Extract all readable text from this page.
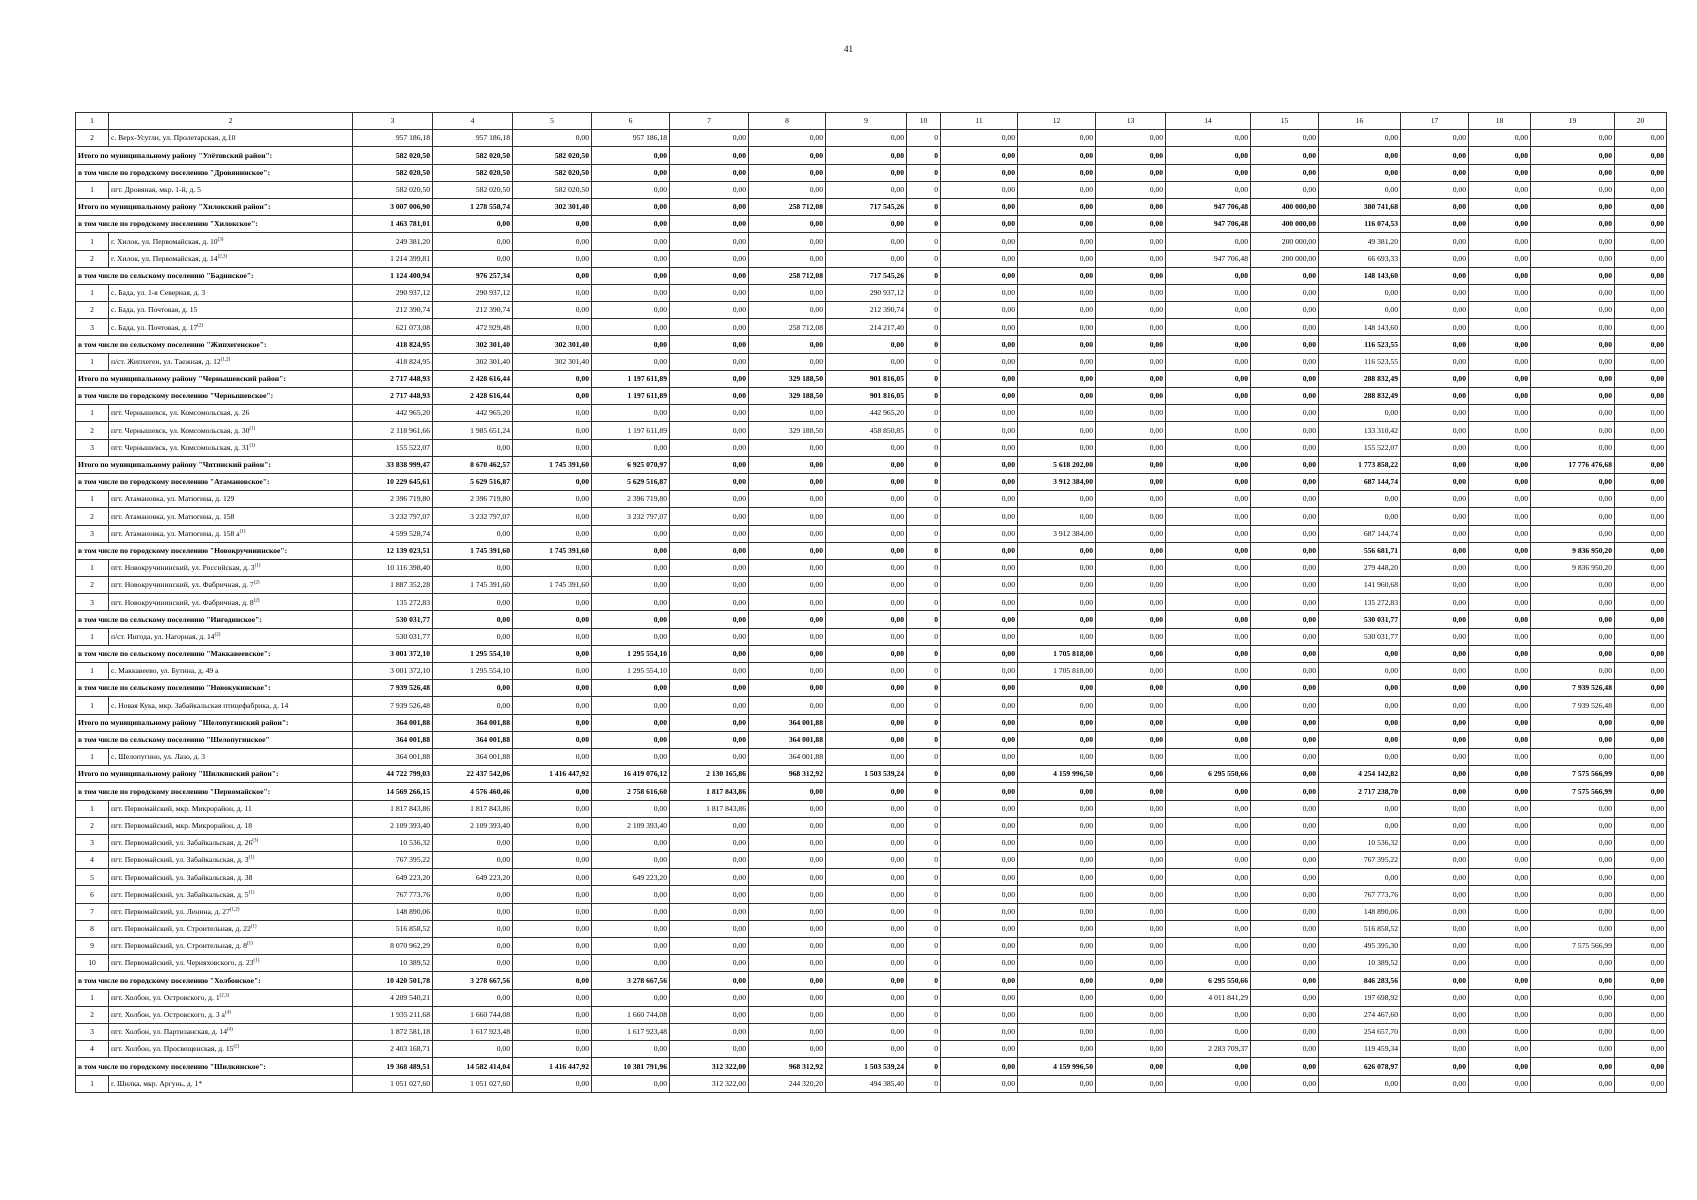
41
1	2	3	4	5	6	7	8	9	10	11	12	13	14	15	16	17	18	19	20
2	с. Верх-Усугли, ул. Пролетарская, д.10	957 186,18	957 186,18	0,00	957 186,18	0,00	0,00	0,00	0	0,00	0,00	0,00	0,00	0,00	0,00	0,00	0,00	0,00	0,00
Итого по муниципальному району "Улётовский район":		582 020,50	582 020,50	582 020,50	0,00	0,00	0,00	0,00	0	0,00	0,00	0,00	0,00	0,00	0,00	0,00	0,00	0,00	0,00
в том числе по городскому поселению "Дровянинское":		582 020,50	582 020,50	582 020,50	0,00	0,00	0,00	0,00	0	0,00	0,00	0,00	0,00	0,00	0,00	0,00	0,00	0,00	0,00
1	пгт. Дровяная, мкр. 1-й, д. 5	582 020,50	582 020,50	582 020,50	0,00	0,00	0,00	0,00	0	0,00	0,00	0,00	0,00	0,00	0,00	0,00	0,00	0,00	0,00
Итого по муниципальному району "Хилокский район":		3 007 006,90	1 278 558,74	302 301,40	0,00	0,00	258 712,08	717 545,26	0	0,00	0,00	0,00	947 706,48	400 000,00	380 741,68	0,00	0,00	0,00	0,00
в том числе по городскому поселению "Хилокское":		1 463 781,01	0,00	0,00	0,00	0,00	0,00	0,00	0	0,00	0,00	0,00	947 706,48	400 000,00	116 074,53	0,00	0,00	0,00	0,00
1	г. Хилок, ул. Первомайская, д. 10$^{(3)}$	249 381,20	0,00	0,00	0,00	0,00	0,00	0,00	0	0,00	0,00	0,00	0,00	200 000,00	49 381,20	0,00	0,00	0,00	0,00
2	г. Хилок, ул. Первомайская, д. 14$^{(2,3)}$	1 214 399,81	0,00	0,00	0,00	0,00	0,00	0,00	0	0,00	0,00	0,00	947 706,48	200 000,00	66 693,33	0,00	0,00	0,00	0,00
в том числе по сельскому поселению "Бадинское":		1 124 400,94	976 257,34	0,00	0,00	0,00	258 712,08	717 545,26	0	0,00	0,00	0,00	0,00	0,00	148 143,60	0,00	0,00	0,00	0,00
1	с. Бада, ул. 1-я Северная, д. 3	290 937,12	290 937,12	0,00	0,00	0,00	0,00	290 937,12	0	0,00	0,00	0,00	0,00	0,00	0,00	0,00	0,00	0,00	0,00
2	с. Бада, ул. Почтовая, д. 15	212 390,74	212 390,74	0,00	0,00	0,00	0,00	212 390,74	0	0,00	0,00	0,00	0,00	0,00	0,00	0,00	0,00	0,00	0,00
3	с. Бада, ул. Почтовая, д. 17$^{(2)}$	621 073,08	472 929,48	0,00	0,00	0,00	258 712,08	214 217,40	0	0,00	0,00	0,00	0,00	0,00	148 143,60	0,00	0,00	0,00	0,00
в том числе по сельскому поселению "Жипхегенское":		418 824,95	302 301,40	302 301,40	0,00	0,00	0,00	0,00	0	0,00	0,00	0,00	0,00	0,00	116 523,55	0,00	0,00	0,00	0,00
1	п/ст. Жипхеген, ул. Таежная, д. 12$^{(1,2)}$	418 824,95	302 301,40	302 301,40	0,00	0,00	0,00	0,00	0	0,00	0,00	0,00	0,00	0,00	116 523,55	0,00	0,00	0,00	0,00
Итого по муниципальному району "Чернышевский район":		2 717 448,93	2 428 616,44	0,00	1 197 611,89	0,00	329 188,50	901 816,05	0	0,00	0,00	0,00	0,00	0,00	288 832,49	0,00	0,00	0,00	0,00
в том числе по городскому поселению "Чернышевское":		2 717 448,93	2 428 616,44	0,00	1 197 611,89	0,00	329 188,50	901 816,05	0	0,00	0,00	0,00	0,00	0,00	288 832,49	0,00	0,00	0,00	0,00
1	пгт. Чернышевск, ул. Комсомольская, д. 26	442 965,20	442 965,20	0,00	0,00	0,00	0,00	442 965,20	0	0,00	0,00	0,00	0,00	0,00	0,00	0,00	0,00	0,00	0,00
2	пгт. Чернышевск, ул. Комсомольская, д. 30$^{(1)}$	2 118 961,66	1 985 651,24	0,00	1 197 611,89	0,00	329 188,50	458 850,85	0	0,00	0,00	0,00	0,00	0,00	133 310,42	0,00	0,00	0,00	0,00
3	пгт. Чернышевск, ул. Комсомольская, д. 31$^{(1)}$	155 522,07	0,00	0,00	0,00	0,00	0,00	0,00	0	0,00	0,00	0,00	0,00	0,00	155 522,07	0,00	0,00	0,00	0,00
Итого по муниципальному району "Читинский район":		33 838 999,47	8 670 462,57	1 745 391,60	6 925 070,97	0,00	0,00	0,00	0	0,00	5 618 202,00	0,00	0,00	0,00	1 773 858,22	0,00	0,00	17 776 476,68	0,00
в том числе по городскому поселению "Атамановское":		10 229 645,61	5 629 516,87	0,00	5 629 516,87	0,00	0,00	0,00	0	0,00	3 912 384,00	0,00	0,00	0,00	687 144,74	0,00	0,00	0,00	0,00
1	пгт. Атамановка, ул. Матюгина, д. 129	2 396 719,80	2 396 719,80	0,00	2 396 719,80	0,00	0,00	0,00	0	0,00	0,00	0,00	0,00	0,00	0,00	0,00	0,00	0,00	0,00
2	пгт. Атамановка, ул. Матюгина, д. 158	3 232 797,07	3 232 797,07	0,00	3 232 797,07	0,00	0,00	0,00	0	0,00	0,00	0,00	0,00	0,00	0,00	0,00	0,00	0,00	0,00
3	пгт. Атамановка, ул. Матюгина, д. 158 $а^{(1)}$	4 599 528,74	0,00	0,00	0,00	0,00	0,00	0,00	0	0,00	3 912 384,00	0,00	0,00	0,00	687 144,74	0,00	0,00	0,00	0,00
в том числе по городскому поселению "Новокручининское":		12 139 023,51	1 745 391,60	1 745 391,60	0,00	0,00	0,00	0,00	0	0,00	0,00	0,00	0,00	0,00	556 681,71	0,00	0,00	9 836 950,20	0,00
1	пгт. Новокручининский, ул. Российская, д. 3$^{(1)}$	10 116 398,40	0,00	0,00	0,00	0,00	0,00	0,00	0	0,00	0,00	0,00	0,00	0,00	279 448,20	0,00	0,00	9 836 950,20	0,00
2	пгт. Новокручининский, ул. Фабричная, д. 7$^{(2)}$	1 887 352,28	1 745 391,60	1 745 391,60	0,00	0,00	0,00	0,00	0	0,00	0,00	0,00	0,00	0,00	141 960,68	0,00	0,00	0,00	0,00
3	пгт. Новокручининский, ул. Фабричная, д. 8$^{(2)}$	135 272,83	0,00	0,00	0,00	0,00	0,00	0,00	0	0,00	0,00	0,00	0,00	0,00	135 272,83	0,00	0,00	0,00	0,00
в том числе по сельскому поселению "Ингодинское":		530 031,77	0,00	0,00	0,00	0,00	0,00	0,00	0	0,00	0,00	0,00	0,00	0,00	530 031,77	0,00	0,00	0,00	0,00
1	п/ст. Ингода, ул. Нагорная, д. 14$^{(2)}$	530 031,77	0,00	0,00	0,00	0,00	0,00	0,00	0	0,00	0,00	0,00	0,00	0,00	530 031,77	0,00	0,00	0,00	0,00
в том числе по сельскому поселению "Маккавеевское":		3 001 372,10	1 295 554,10	0,00	1 295 554,10	0,00	0,00	0,00	0	0,00	1 705 818,00	0,00	0,00	0,00	0,00	0,00	0,00	0,00	0,00
1	с. Маккавеево, ул. Бутина, д. 49 а	3 001 372,10	1 295 554,10	0,00	1 295 554,10	0,00	0,00	0,00	0	0,00	1 705 818,00	0,00	0,00	0,00	0,00	0,00	0,00	0,00	0,00
в том числе по сельскому поселению "Новокукинское":		7 939 526,48	0,00	0,00	0,00	0,00	0,00	0,00	0	0,00	0,00	0,00	0,00	0,00	0,00	0,00	0,00	7 939 526,48	0,00
1	с. Новая Кука, мкр. Забайкальская птицефабрика, д. 14	7 939 526,48	0,00	0,00	0,00	0,00	0,00	0,00	0	0,00	0,00	0,00	0,00	0,00	0,00	0,00	0,00	7 939 526,48	0,00
Итого по муниципальному району "Шелопугинский район":		364 001,88	364 001,88	0,00	0,00	0,00	364 001,88	0,00	0	0,00	0,00	0,00	0,00	0,00	0,00	0,00	0,00	0,00	0,00
в том числе по сельскому поселению "Шелопугинское"		364 001,88	364 001,88	0,00	0,00	0,00	364 001,88	0,00	0	0,00	0,00	0,00	0,00	0,00	0,00	0,00	0,00	0,00	0,00
1	с. Шелопугино, ул. Лазо, д. 3	364 001,88	364 001,88	0,00	0,00	0,00	364 001,88	0,00	0	0,00	0,00	0,00	0,00	0,00	0,00	0,00	0,00	0,00	0,00
Итого по муниципальному району "Шилкинский район":		44 722 799,03	22 437 542,06	1 416 447,92	16 419 076,12	2 130 165,86	968 312,92	1 503 539,24	0	0,00	4 159 996,50	0,00	6 295 550,66	0,00	4 254 142,82	0,00	0,00	7 575 566,99	0,00
в том числе по городскому поселению "Первомайское":		14 569 266,15	4 576 460,46	0,00	2 758 616,60	1 817 843,86	0,00	0,00	0	0,00	0,00	0,00	0,00	0,00	2 717 238,70	0,00	0,00	7 575 566,99	0,00
1	пгт. Первомайский, мкр. Микрорайон, д. 11	1 817 843,86	1 817 843,86	0,00	0,00	1 817 843,86	0,00	0,00	0	0,00	0,00	0,00	0,00	0,00	0,00	0,00	0,00	0,00	0,00
2	пгт. Первомайский, мкр. Микрорайон, д. 18	2 109 393,40	2 109 393,40	0,00	2 109 393,40	0,00	0,00	0,00	0	0,00	0,00	0,00	0,00	0,00	0,00	0,00	0,00	0,00	0,00
3	пгт. Первомайский, ул. Забайкальская, д. 26$^{(3)}$	10 536,32	0,00	0,00	0,00	0,00	0,00	0,00	0	0,00	0,00	0,00	0,00	0,00	10 536,32	0,00	0,00	0,00	0,00
4	пгт. Первомайский, ул. Забайкальская, д. 3$^{(1)}$	767 395,22	0,00	0,00	0,00	0,00	0,00	0,00	0	0,00	0,00	0,00	0,00	0,00	767 395,22	0,00	0,00	0,00	0,00
5	пгт. Первомайский, ул. Забайкальская, д. 38	649 223,20	649 223,20	0,00	649 223,20	0,00	0,00	0,00	0	0,00	0,00	0,00	0,00	0,00	0,00	0,00	0,00	0,00	0,00
6	пгт. Первомайский, ул. Забайкальская, д. 5$^{(1)}$	767 773,76	0,00	0,00	0,00	0,00	0,00	0,00	0	0,00	0,00	0,00	0,00	0,00	767 773,76	0,00	0,00	0,00	0,00
7	пгт. Первомайский, ул. Ленина, д. 27$^{(1,2)}$	148 890,06	0,00	0,00	0,00	0,00	0,00	0,00	0	0,00	0,00	0,00	0,00	0,00	148 890,06	0,00	0,00	0,00	0,00
8	пгт. Первомайский, ул. Строительная, д. 22$^{(1)}$	516 858,52	0,00	0,00	0,00	0,00	0,00	0,00	0	0,00	0,00	0,00	0,00	0,00	516 858,52	0,00	0,00	0,00	0,00
9	пгт. Первомайский, ул. Строительная, д. 8$^{(1)}$	8 070 962,29	0,00	0,00	0,00	0,00	0,00	0,00	0	0,00	0,00	0,00	0,00	0,00	495 395,30	0,00	0,00	7 575 566,99	0,00
10	пгт. Первомайский, ул. Черняховского, д. 23$^{(1)}$	10 389,52	0,00	0,00	0,00	0,00	0,00	0,00	0	0,00	0,00	0,00	0,00	0,00	10 389,52	0,00	0,00	0,00	0,00
в том числе по городскому поселению "Холбонское":		10 420 501,78	3 278 667,56	0,00	3 278 667,56	0,00	0,00	0,00	0	0,00	0,00	0,00	6 295 550,66	0,00	846 283,56	0,00	0,00	0,00	0,00
1	пгт. Холбон, ул. Островского, д. 1$^{(2,3)}$	4 209 540,21	0,00	0,00	0,00	0,00	0,00	0,00	0	0,00	0,00	0,00	4 011 841,29	0,00	197 698,92	0,00	0,00	0,00	0,00
2	пгт. Холбон, ул. Островского, д. 3 $а^{(4)}$	1 935 211,68	1 660 744,08	0,00	1 660 744,08	0,00	0,00	0,00	0	0,00	0,00	0,00	0,00	0,00	274 467,60	0,00	0,00	0,00	0,00
3	пгт. Холбон, ул. Партизанская, д. 14$^{(4)}$	1 872 581,18	1 617 923,48	0,00	1 617 923,48	0,00	0,00	0,00	0	0,00	0,00	0,00	0,00	0,00	254 657,70	0,00	0,00	0,00	0,00
4	пгт. Холбон, ул. Просвещенская, д. 15$^{(2)}$	2 403 168,71	0,00	0,00	0,00	0,00	0,00	0,00	0	0,00	0,00	0,00	2 283 709,37	0,00	119 459,34	0,00	0,00	0,00	0,00
в том числе по городскому поселению "Шилкинское":		19 368 489,51	14 582 414,04	1 416 447,92	10 381 791,96	312 322,00	968 312,92	1 503 539,24	0	0,00	4 159 996,50	0,00	0,00	0,00	626 078,97	0,00	0,00	0,00	0,00
1	г. Шилка, мкр. Аргунь, д. 1*	1 051 027,60	1 051 027,60	0,00	0,00	312 322,00	244 320,20	494 385,40	0	0,00	0,00	0,00	0,00	0,00	0,00	0,00	0,00	0,00	0,00
